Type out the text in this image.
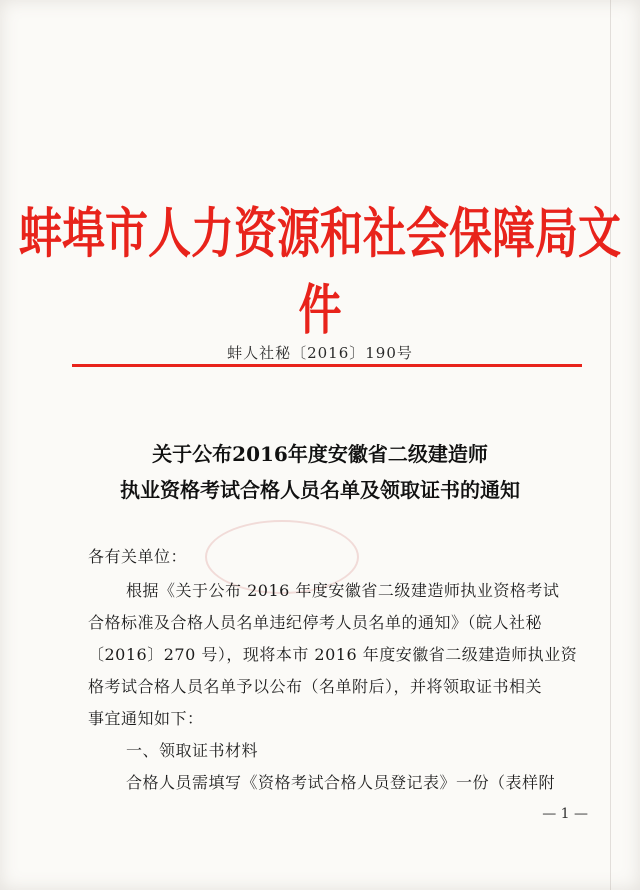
蚌埠市人力资源和社会保障局文件
蚌人社秘〔2016〕190号
关于公布2016年度安徽省二级建造师
执业资格考试合格人员名单及领取证书的通知
各有关单位：
根据《关于公布 2016 年度安徽省二级建造师执业资格考试
合格标准及合格人员名单违纪停考人员名单的通知》（皖人社秘
〔2016〕270 号），现将本市 2016 年度安徽省二级建造师执业资
格考试合格人员名单予以公布（名单附后），并将领取证书相关
事宜通知如下：
一、领取证书材料
合格人员需填写《资格考试合格人员登记表》一份（表样附
— 1 —
